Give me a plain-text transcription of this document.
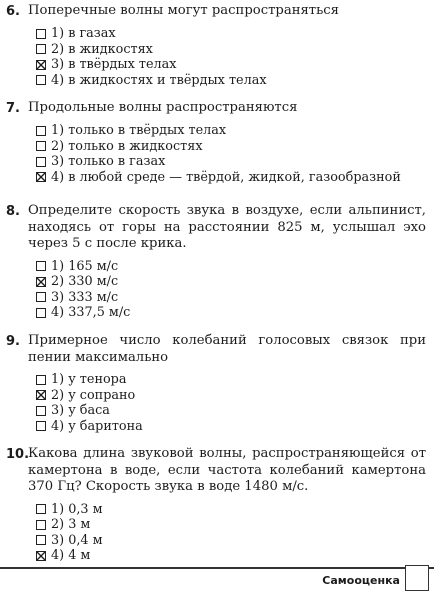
6. Поперечные волны могут распространяться
1) в газах
2) в жидкостях
3) в твёрдых телах
4) в жидкостях и твёрдых телах
7. Продольные волны распространяются
1) только в твёрдых телах
2) только в жидкостях
3) только в газах
4) в любой среде — твёрдой, жидкой, газообразной
8. Определите скорость звука в воздухе, если альпинист, находясь от горы на расстоянии 825 м, услышал эхо через 5 с после крика.
1) 165 м/с
2) 330 м/с
3) 333 м/с
4) 337,5 м/с
9. Примерное число колебаний голосовых связок при пении максимально
1) у тенора
2) у сопрано
3) у баса
4) у баритона
10.
Какова длина звуковой волны, распространяющейся от камертона в воде, если частота колебаний камертона 370 Гц? Скорость звука в воде 1480 м/с.
1) 0,3 м
2) 3 м
3) 0,4 м
4) 4 м
Самооценка
